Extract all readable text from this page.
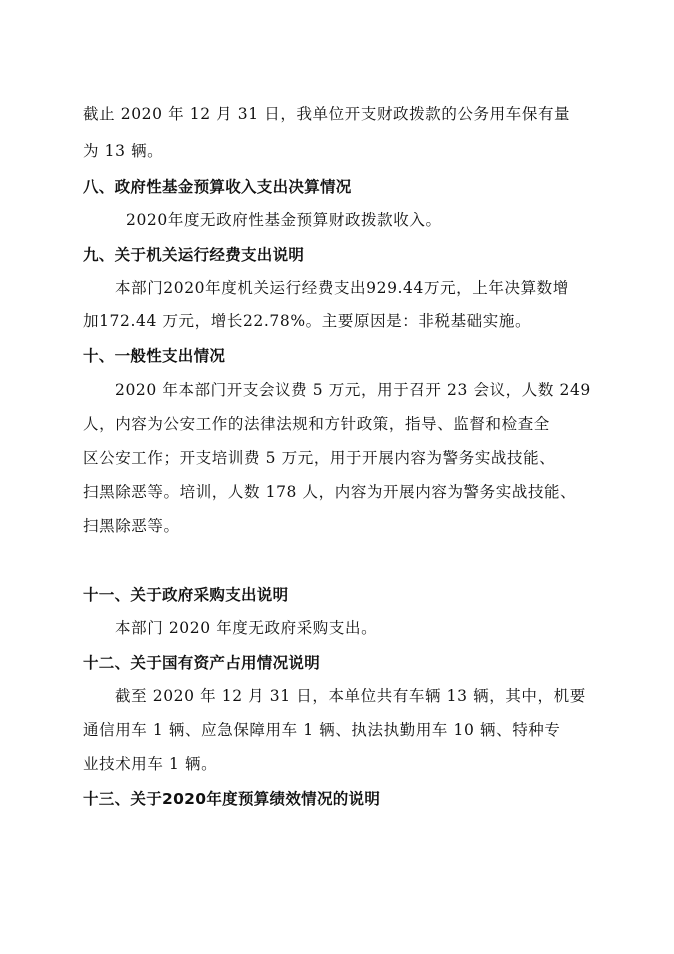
截止 2020 年 12 月 31 日，我单位开支财政拨款的公务用车保有量
为 13 辆。
八、政府性基金预算收入支出决算情况
2020年度无政府性基金预算财政拨款收入。
九、关于机关运行经费支出说明
本部门2020年度机关运行经费支出929.44万元，上年决算数增
加172.44 万元，增长22.78%。主要原因是：非税基础实施。
十、一般性支出情况
2020 年本部门开支会议费 5 万元，用于召开 23 会议，人数 249
人，内容为公安工作的法律法规和方针政策，指导、监督和检查全
区公安工作；开支培训费 5 万元，用于开展内容为警务实战技能、
扫黑除恶等。培训，人数 178 人，内容为开展内容为警务实战技能、
扫黑除恶等。
十一、关于政府采购支出说明
本部门 2020 年度无政府采购支出。
十二、关于国有资产占用情况说明
截至 2020 年 12 月 31 日，本单位共有车辆 13 辆，其中，机要
通信用车 1 辆、应急保障用车 1 辆、执法执勤用车 10 辆、特种专
业技术用车 1 辆。
十三、关于2020年度预算绩效情况的说明
